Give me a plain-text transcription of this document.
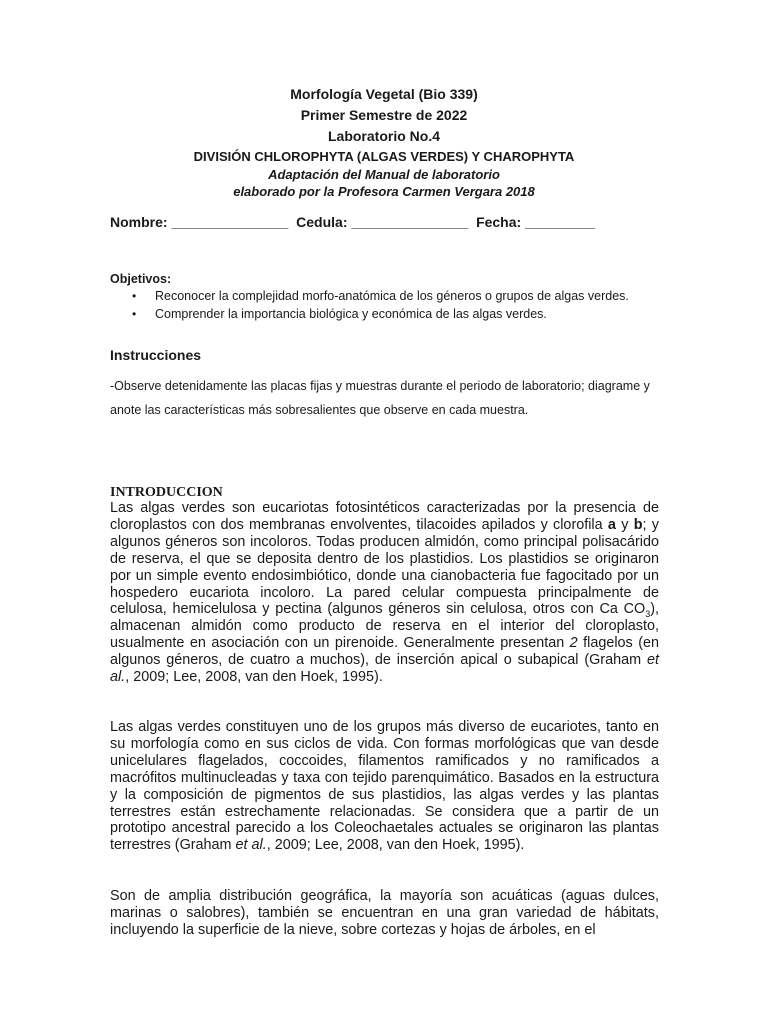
Morfología Vegetal (Bio 339)
Primer Semestre de 2022
Laboratorio No.4
DIVISIÓN CHLOROPHYTA (ALGAS VERDES) Y CHAROPHYTA
Adaptación del Manual de laboratorio
elaborado por la Profesora Carmen Vergara 2018
Nombre: _______________ Cedula: _______________ Fecha: _________
Objetivos:
• Reconocer la complejidad morfo-anatómica de los géneros o grupos de algas verdes.
• Comprender la importancia biológica y económica de las algas verdes.
Instrucciones
-Observe detenidamente las placas fijas y muestras durante el periodo de laboratorio; diagrame y anote las características más sobresalientes que observe en cada muestra.
INTRODUCCION
Las algas verdes son eucariotas fotosintéticos caracterizadas por la presencia de cloroplastos con dos membranas envolventes, tilacoides apilados y clorofila a y b; y algunos géneros son incoloros. Todas producen almidón, como principal polisacárido de reserva, el que se deposita dentro de los plastidios. Los plastidios se originaron por un simple evento endosimbiótico, donde una cianobacteria fue fagocitado por un hospedero eucariota incoloro. La pared celular compuesta principalmente de celulosa, hemicelulosa y pectina (algunos géneros sin celulosa, otros con Ca $CO_3$), almacenan almidón como producto de reserva en el interior del cloroplasto, usualmente en asociación con un pirenoide. Generalmente presentan 2 flagelos (en algunos géneros, de cuatro a muchos), de inserción apical o subapical (Graham et al., 2009; Lee, 2008, van den Hoek, 1995).
Las algas verdes constituyen uno de los grupos más diverso de eucariotes, tanto en su morfología como en sus ciclos de vida. Con formas morfológicas que van desde unicelulares flagelados, coccoides, filamentos ramificados y no ramificados a macrófitos multinucleadas y taxa con tejido parenquimático. Basados en la estructura y la composición de pigmentos de sus plastidios, las algas verdes y las plantas terrestres están estrechamente relacionadas. Se considera que a partir de un prototipo ancestral parecido a los Coleochaetales actuales se originaron las plantas terrestres (Graham et al., 2009; Lee, 2008, van den Hoek, 1995).
Son de amplia distribución geográfica, la mayoría son acuáticas (aguas dulces, marinas o salobres), también se encuentran en una gran variedad de hábitats, incluyendo la superficie de la nieve, sobre cortezas y hojas de árboles, en el
